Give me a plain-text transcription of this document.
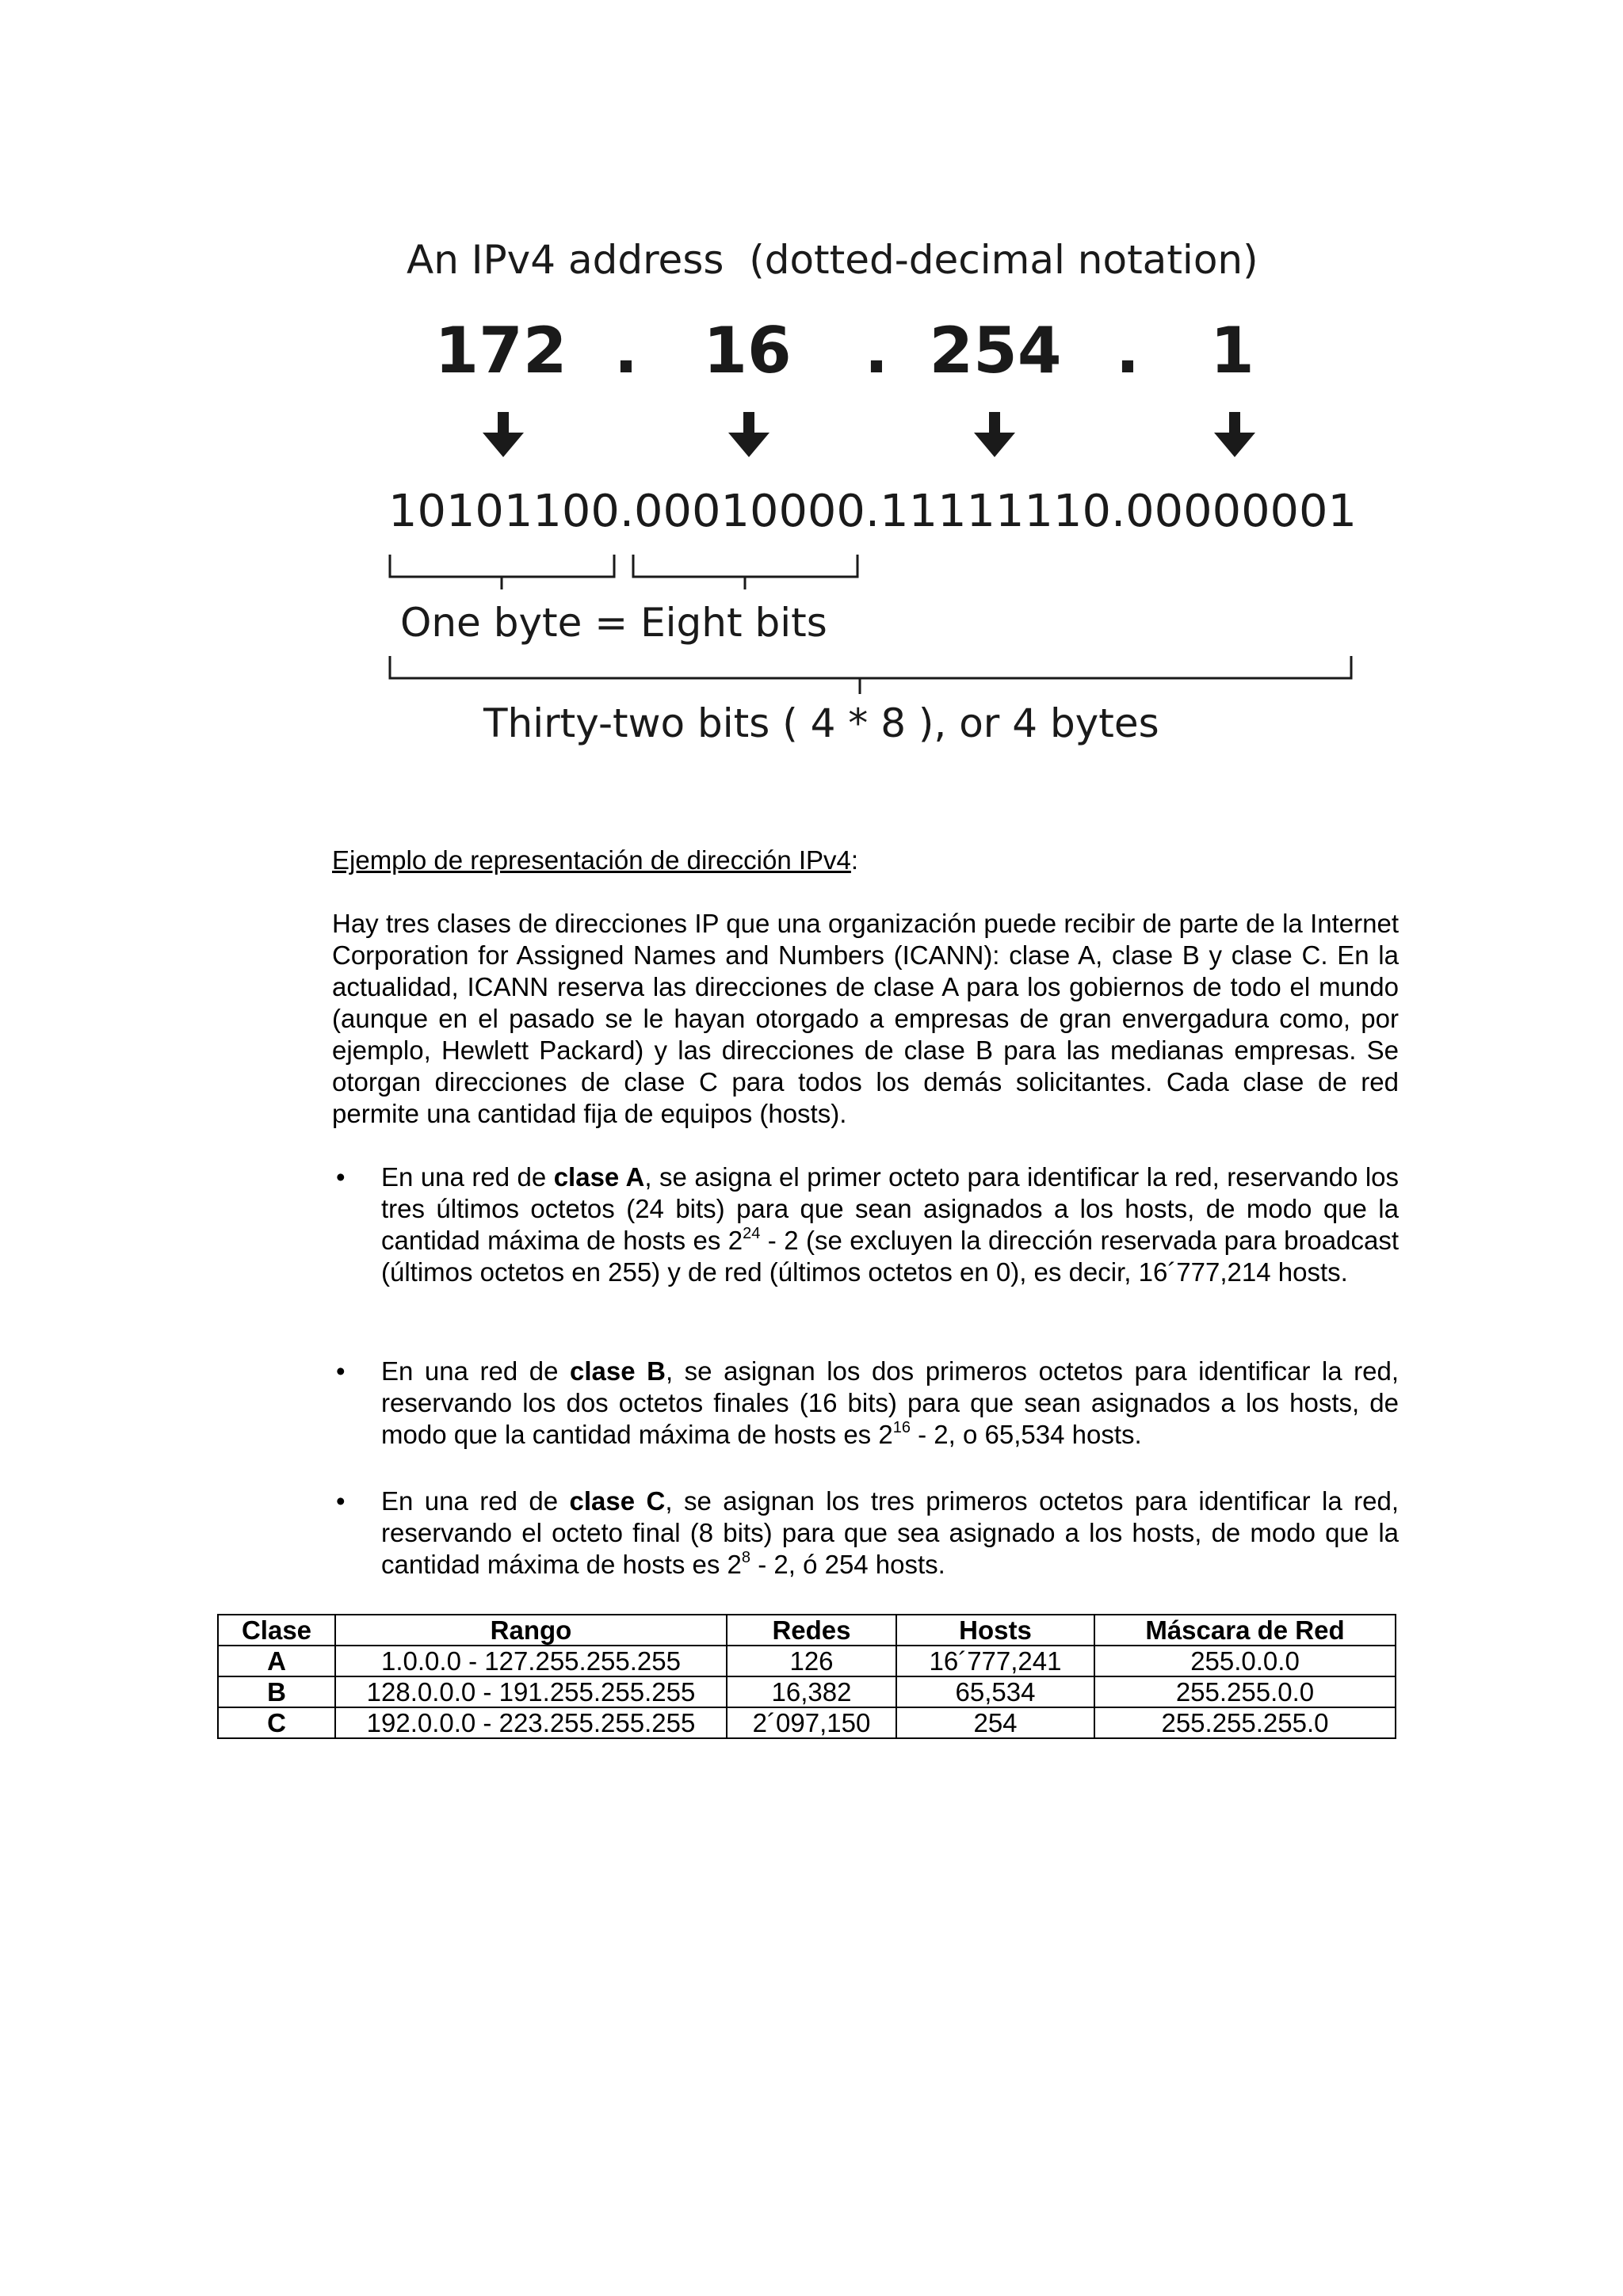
An IPv4 address  (dotted-decimal notation)
172 . 16 . 254 . 1
10101100.00010000.11111110.00000001
One byte = Eight bits
Thirty-two bits ( 4 * 8 ), or 4 bytes
Ejemplo de representación de dirección IPv4:
Hay tres clases de direcciones IP que una organización puede recibir de parte de la Internet Corporation for Assigned Names and Numbers (ICANN): clase A, clase B y clase C. En la actualidad, ICANN reserva las direcciones de clase A para los gobiernos de todo el mundo (aunque en el pasado se le hayan otorgado a empresas de gran envergadura como, por ejemplo, Hewlett Packard) y las direcciones de clase B para las medianas empresas. Se otorgan direcciones de clase C para todos los demás solicitantes. Cada clase de red permite una cantidad fija de equipos (hosts).
•	En una red de clase A, se asigna el primer octeto para identificar la red, reservando los tres últimos octetos (24 bits) para que sean asignados a los hosts, de modo que la cantidad máxima de hosts es $2^{24} - 2$ (se excluyen la dirección reservada para broadcast (últimos octetos en 255) y de red (últimos octetos en 0), es decir, 16´777,214 hosts.
•	En una red de clase B, se asignan los dos primeros octetos para identificar la red, reservando los dos octetos finales (16 bits) para que sean asignados a los hosts, de modo que la cantidad máxima de hosts es $2^{16} - 2$, o 65,534 hosts.
•	En una red de clase C, se asignan los tres primeros octetos para identificar la red, reservando el octeto final (8 bits) para que sea asignado a los hosts, de modo que la cantidad máxima de hosts es $2^8 - 2$, ó 254 hosts.
Clase	Rango	Redes	Hosts	Máscara de Red
A	1.0.0.0 - 127.255.255.255	126	16´777,241	255.0.0.0
B	128.0.0.0 - 191.255.255.255	16,382	65,534	255.255.0.0
C	192.0.0.0 - 223.255.255.255	2´097,150	254	255.255.255.0
